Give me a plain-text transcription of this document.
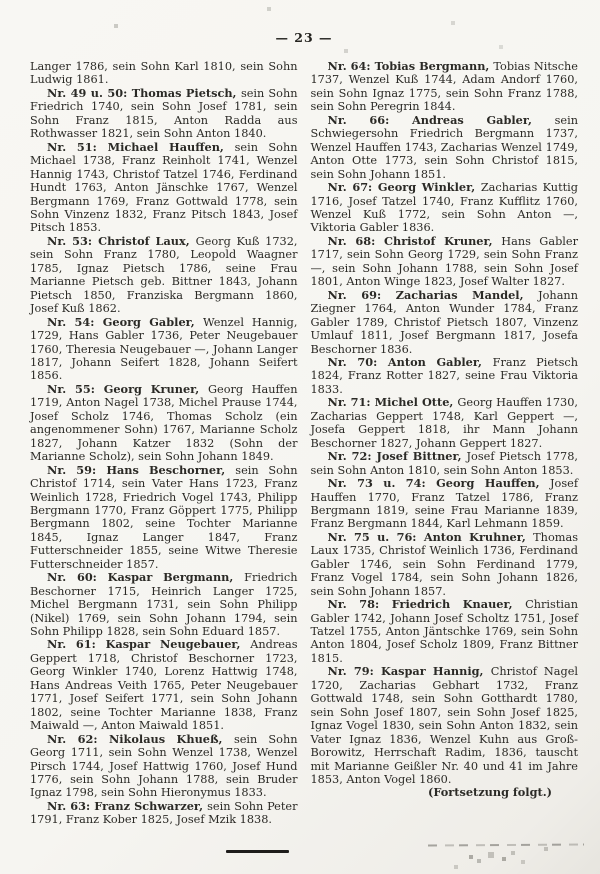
— 23 —

Langer 1786, sein Sohn Karl 1810, sein Sohn Ludwig 1861.

Nr. 49 u. 50: Thomas Pietsch, sein Sohn Friedrich 1740, sein Sohn Josef 1781, sein Sohn Franz 1815, Anton Radda aus Rothwasser 1821, sein Sohn Anton 1840.

Nr. 51: Michael Hauffen, sein Sohn Michael 1738, Franz Reinholt 1741, Wenzel Hannig 1743, Christof Tatzel 1746, Ferdinand Hundt 1763, Anton Jänschke 1767, Wenzel Bergmann 1769, Franz Gottwald 1778, sein Sohn Vinzenz 1832, Franz Pitsch 1843, Josef Pitsch 1853.

Nr. 53: Christof Laux, Georg Kuß 1732, sein Sohn Franz 1780, Leopold Waagner 1785, Ignaz Pietsch 1786, seine Frau Marianne Pietsch geb. Bittner 1843, Johann Pietsch 1850, Franziska Bergmann 1860, Josef Kuß 1862.

Nr. 54: Georg Gabler, Wenzel Hannig, 1729, Hans Gabler 1736, Peter Neugebauer 1760, Theresia Neugebauer —, Johann Langer 1817, Johann Seifert 1828, Johann Seifert 1856.

Nr. 55: Georg Kruner, Georg Hauffen 1719, Anton Nagel 1738, Michel Prause 1744, Josef Scholz 1746, Thomas Scholz (ein angenommener Sohn) 1767, Marianne Scholz 1827, Johann Katzer 1832 (Sohn der Marianne Scholz), sein Sohn Johann 1849.

Nr. 59: Hans Beschorner, sein Sohn Christof 1714, sein Vater Hans 1723, Franz Weinlich 1728, Friedrich Vogel 1743, Philipp Bergmann 1770, Franz Göppert 1775, Philipp Bergmann 1802, seine Tochter Marianne 1845, Ignaz Langer 1847, Franz Futterschneider 1855, seine Witwe Theresie Futterschneider 1857.

Nr. 60: Kaspar Bergmann, Friedrich Beschorner 1715, Heinrich Langer 1725, Michel Bergmann 1731, sein Sohn Philipp (Nikel) 1769, sein Sohn Johann 1794, sein Sohn Philipp 1828, sein Sohn Eduard 1857.

Nr. 61: Kaspar Neugebauer, Andreas Geppert 1718, Christof Beschorner 1723, Georg Winkler 1740, Lorenz Hattwig 1748, Hans Andreas Veith 1765, Peter Neugebauer 1771, Josef Seifert 1771, sein Sohn Johann 1802, seine Tochter Marianne 1838, Franz Maiwald —, Anton Maiwald 1851.

Nr. 62: Nikolaus Khueß, sein Sohn Georg 1711, sein Sohn Wenzel 1738, Wenzel Pirsch 1744, Josef Hattwig 1760, Josef Hund 1776, sein Sohn Johann 1788, sein Bruder Ignaz 1798, sein Sohn Hieronymus 1833.

Nr. 63: Franz Schwarzer, sein Sohn Peter 1791, Franz Kober 1825, Josef Mzik 1838.

Nr. 64: Tobias Bergmann, Tobias Nitsche 1737, Wenzel Kuß 1744, Adam Andorf 1760, sein Sohn Ignaz 1775, sein Sohn Franz 1788, sein Sohn Peregrin 1844.

Nr. 66: Andreas Gabler, sein Schwiegersohn Friedrich Bergmann 1737, Wenzel Hauffen 1743, Zacharias Wenzel 1749, Anton Otte 1773, sein Sohn Christof 1815, sein Sohn Johann 1851.

Nr. 67: Georg Winkler, Zacharias Kuttig 1716, Josef Tatzel 1740, Franz Kufflitz 1760, Wenzel Kuß 1772, sein Sohn Anton —, Viktoria Gabler 1836.

Nr. 68: Christof Kruner, Hans Gabler 1717, sein Sohn Georg 1729, sein Sohn Franz —, sein Sohn Johann 1788, sein Sohn Josef 1801, Anton Winge 1823, Josef Walter 1827.

Nr. 69: Zacharias Mandel, Johann Ziegner 1764, Anton Wunder 1784, Franz Gabler 1789, Christof Pietsch 1807, Vinzenz Umlauf 1811, Josef Bergmann 1817, Josefa Beschorner 1836.

Nr. 70: Anton Gabler, Franz Pietsch 1824, Franz Rotter 1827, seine Frau Viktoria 1833.

Nr. 71: Michel Otte, Georg Hauffen 1730, Zacharias Geppert 1748, Karl Geppert —, Josefa Geppert 1818, ihr Mann Johann Beschorner 1827, Johann Geppert 1827.

Nr. 72: Josef Bittner, Josef Pietsch 1778, sein Sohn Anton 1810, sein Sohn Anton 1853.

Nr. 73 u. 74: Georg Hauffen, Josef Hauffen 1770, Franz Tatzel 1786, Franz Bergmann 1819, seine Frau Marianne 1839, Franz Bergmann 1844, Karl Lehmann 1859.

Nr. 75 u. 76: Anton Kruhner, Thomas Laux 1735, Christof Weinlich 1736, Ferdinand Gabler 1746, sein Sohn Ferdinand 1779, Franz Vogel 1784, sein Sohn Johann 1826, sein Sohn Johann 1857.

Nr. 78: Friedrich Knauer, Christian Gabler 1742, Johann Josef Scholtz 1751, Josef Tatzel 1755, Anton Jäntschke 1769, sein Sohn Anton 1804, Josef Scholz 1809, Franz Bittner 1815.

Nr. 79: Kaspar Hannig, Christof Nagel 1720, Zacharias Gebhart 1732, Franz Gottwald 1748, sein Sohn Gotthardt 1780, sein Sohn Josef 1807, sein Sohn Josef 1825, Ignaz Vogel 1830, sein Sohn Anton 1832, sein Vater Ignaz 1836, Wenzel Kuhn aus Groß-Borowitz, Herrschaft Radim, 1836, tauscht mit Marianne Geißler Nr. 40 und 41 im Jahre 1853, Anton Vogel 1860.

(Fortsetzung folgt.)
